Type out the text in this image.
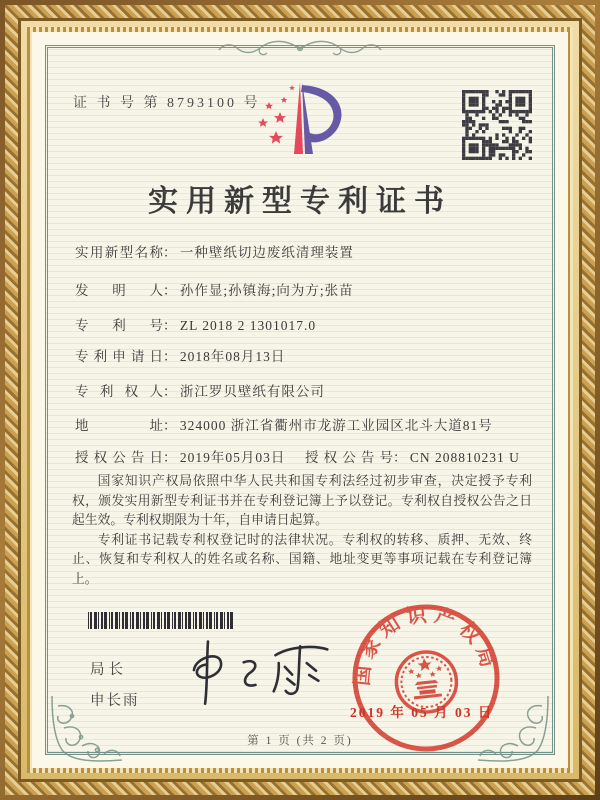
证 书 号 第 8793100 号
实用新型专利证书
实用新型名称： 一种壁纸切边废纸清理装置
发明人： 孙作显;孙镇海;向为方;张苗
专利号： ZL 2018 2 1301017.0
专利申请日： 2018年08月13日
专利权人： 浙江罗贝壁纸有限公司
地址： 324000 浙江省衢州市龙游工业园区北斗大道81号
授权公告日： 2019年05月03日 授权公告号： CN 208810231 U

国家知识产权局依照中华人民共和国专利法经过初步审查，决定授予专利权，颁发实用新型专利证书并在专利登记簿上予以登记。专利权自授权公告之日起生效。专利权期限为十年，自申请日起算。

专利证书记载专利权登记时的法律状况。专利权的转移、质押、无效、终止、恢复和专利权人的姓名或名称、国籍、地址变更等事项记载在专利登记簿上。

局长
申长雨
国家知识产权局
2019 年 05 月 03 日
第 1 页 (共 2 页)
